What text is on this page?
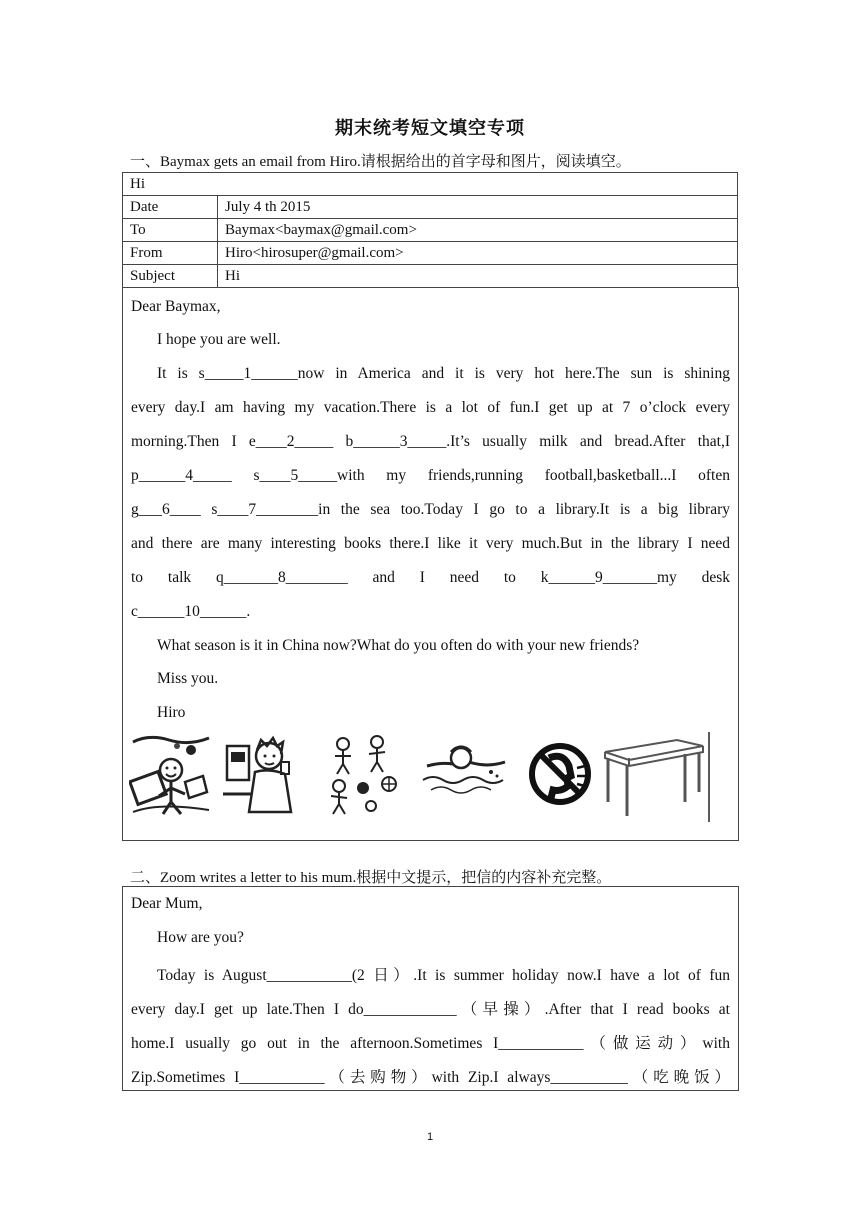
期末统考短文填空专项
一、Baymax gets an email from Hiro.请根据给出的首字母和图片，阅读填空。
Hi	
Date	July 4 th 2015
To	Baymax<baymax@gmail.com>
From	Hiro<hirosuper@gmail.com>
Subject	Hi
Dear Baymax,
I hope you are well.
It is s_____1______now in America and it is very hot here.The sun is shining
every day.I am having my vacation.There is a lot of fun.I get up at 7 o’clock every
morning.Then I e____2_____ b______3_____.It’s usually milk and bread.After that,I
p______4_____ s____5_____with my friends,running football,basketball...I often
g___6____ s____7________in the sea too.Today I go to a library.It is a big library
and there are many interesting books there.I like it very much.But in the library I need
to talk q_______8________ and I need to k______9_______my desk
c______10______.
What season is it in China now?What do you often do with your new friends?
Miss you.
Hiro
二、Zoom writes a letter to his mum.根据中文提示，把信的内容补充完整。
Dear Mum,
How are you?
Today is August___________(2 日）.It is summer holiday now.I have a lot of fun
every day.I get up late.Then I do____________（早操）.After that I read books at
home.I usually go out in the afternoon.Sometimes I___________（做运动）with
Zip.Sometimes I___________（去购物）with Zip.I always__________（吃晚饭）
1
